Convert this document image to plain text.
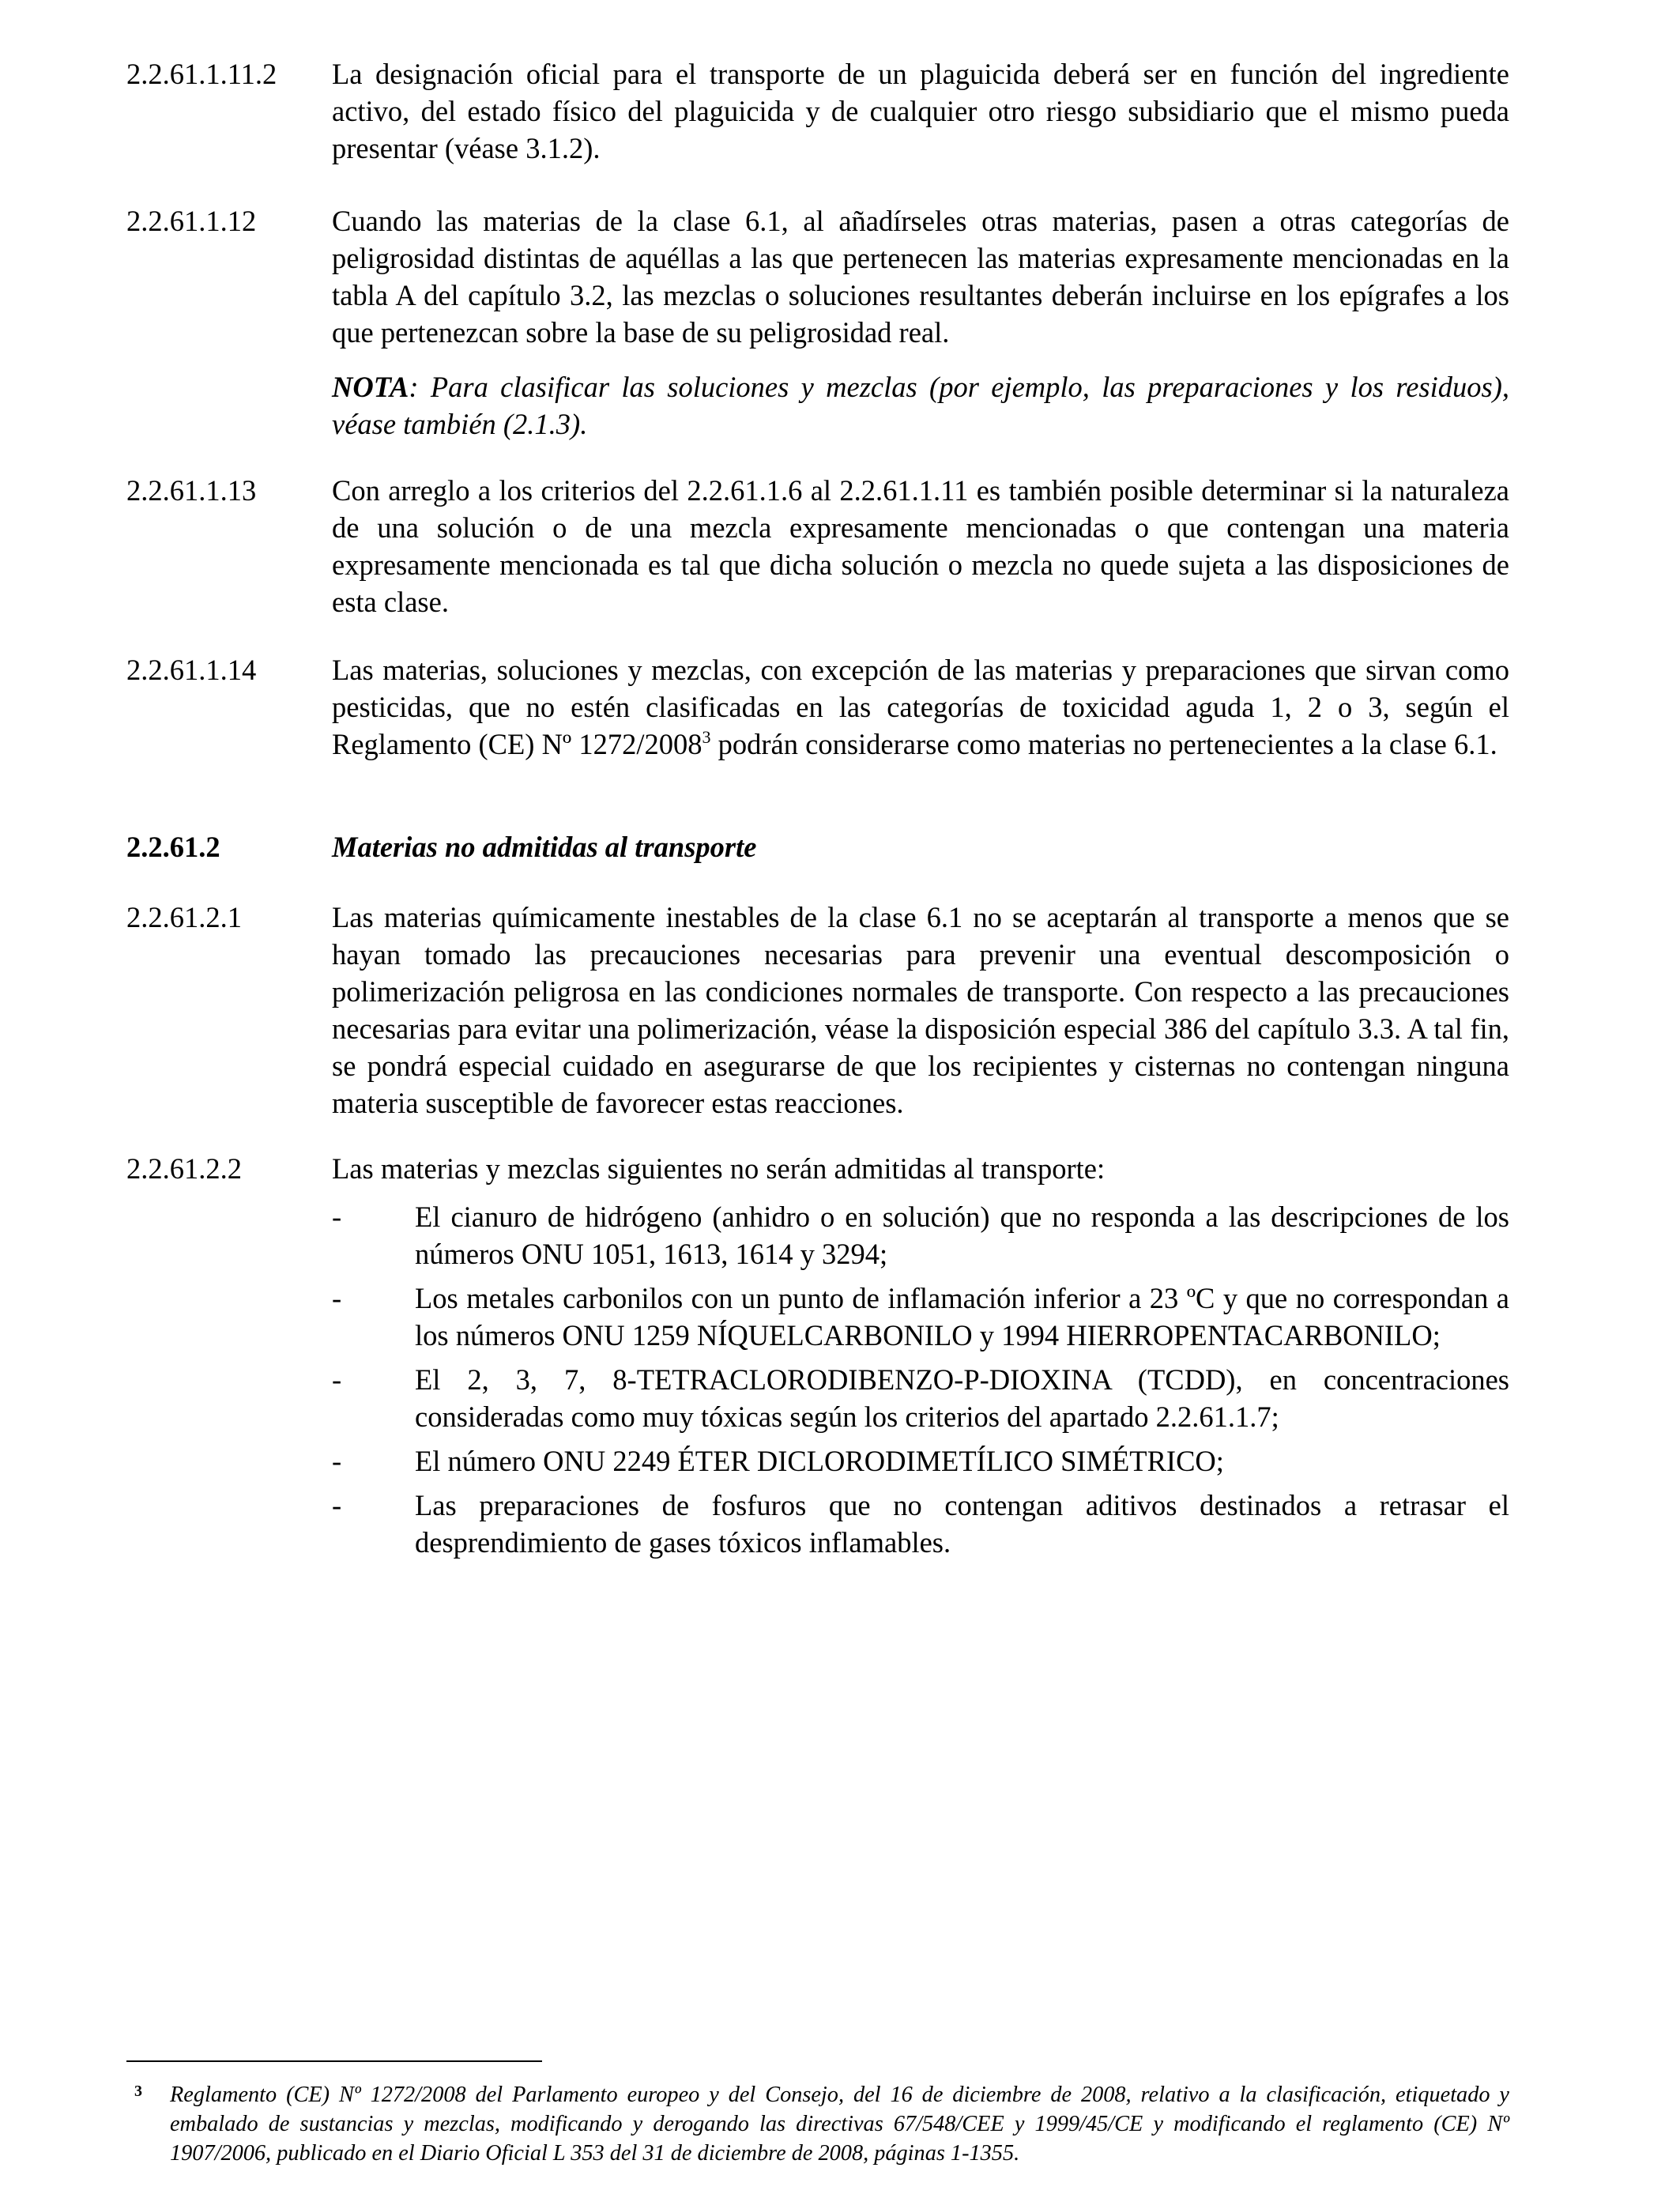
2.2.61.1.11.2	La designación oficial para el transporte de un plaguicida deberá ser en función del ingrediente activo, del estado físico del plaguicida y de cualquier otro riesgo subsidiario que el mismo pueda presentar (véase 3.1.2).
2.2.61.1.12	Cuando las materias de la clase 6.1, al añadírseles otras materias, pasen a otras categorías de peligrosidad distintas de aquéllas a las que pertenecen las materias expresamente mencionadas en la tabla A del capítulo 3.2, las mezclas o soluciones resultantes deberán incluirse en los epígrafes a los que pertenezcan sobre la base de su peligrosidad real.
NOTA: Para clasificar las soluciones y mezclas (por ejemplo, las preparaciones y los residuos), véase también (2.1.3).
2.2.61.1.13	Con arreglo a los criterios del 2.2.61.1.6 al 2.2.61.1.11 es también posible determinar si la naturaleza de una solución o de una mezcla expresamente mencionadas o que contengan una materia expresamente mencionada es tal que dicha solución o mezcla no quede sujeta a las disposiciones de esta clase.
2.2.61.1.14	Las materias, soluciones y mezclas, con excepción de las materias y preparaciones que sirvan como pesticidas, que no estén clasificadas en las categorías de toxicidad aguda 1, 2 o 3, según el Reglamento (CE) Nº 1272/2008$^3$ podrán considerarse como materias no pertenecientes a la clase 6.1.
2.2.61.2	Materias no admitidas al transporte
2.2.61.2.1	Las materias químicamente inestables de la clase 6.1 no se aceptarán al transporte a menos que se hayan tomado las precauciones necesarias para prevenir una eventual descomposición o polimerización peligrosa en las condiciones normales de transporte. Con respecto a las precauciones necesarias para evitar una polimerización, véase la disposición especial 386 del capítulo 3.3. A tal fin, se pondrá especial cuidado en asegurarse de que los recipientes y cisternas no contengan ninguna materia susceptible de favorecer estas reacciones.
2.2.61.2.2	Las materias y mezclas siguientes no serán admitidas al transporte:
-	El cianuro de hidrógeno (anhidro o en solución) que no responda a las descripciones de los números ONU 1051, 1613, 1614 y 3294;
-	Los metales carbonilos con un punto de inflamación inferior a 23 ºC y que no correspondan a los números ONU 1259 NÍQUELCARBONILO y 1994 HIERROPENTACARBONILO;
-	El 2, 3, 7, 8-TETRACLORODIBENZO-P-DIOXINA (TCDD), en concentraciones consideradas como muy tóxicas según los criterios del apartado 2.2.61.1.7;
-	El número ONU 2249 ÉTER DICLORODIMETÍLICO SIMÉTRICO;
-	Las preparaciones de fosfuros que no contengan aditivos destinados a retrasar el desprendimiento de gases tóxicos inflamables.
3 Reglamento (CE) Nº 1272/2008 del Parlamento europeo y del Consejo, del 16 de diciembre de 2008, relativo a la clasificación, etiquetado y embalado de sustancias y mezclas, modificando y derogando las directivas 67/548/CEE y 1999/45/CE y modificando el reglamento (CE) Nº 1907/2006, publicado en el Diario Oficial L 353 del 31 de diciembre de 2008, páginas 1-1355.
